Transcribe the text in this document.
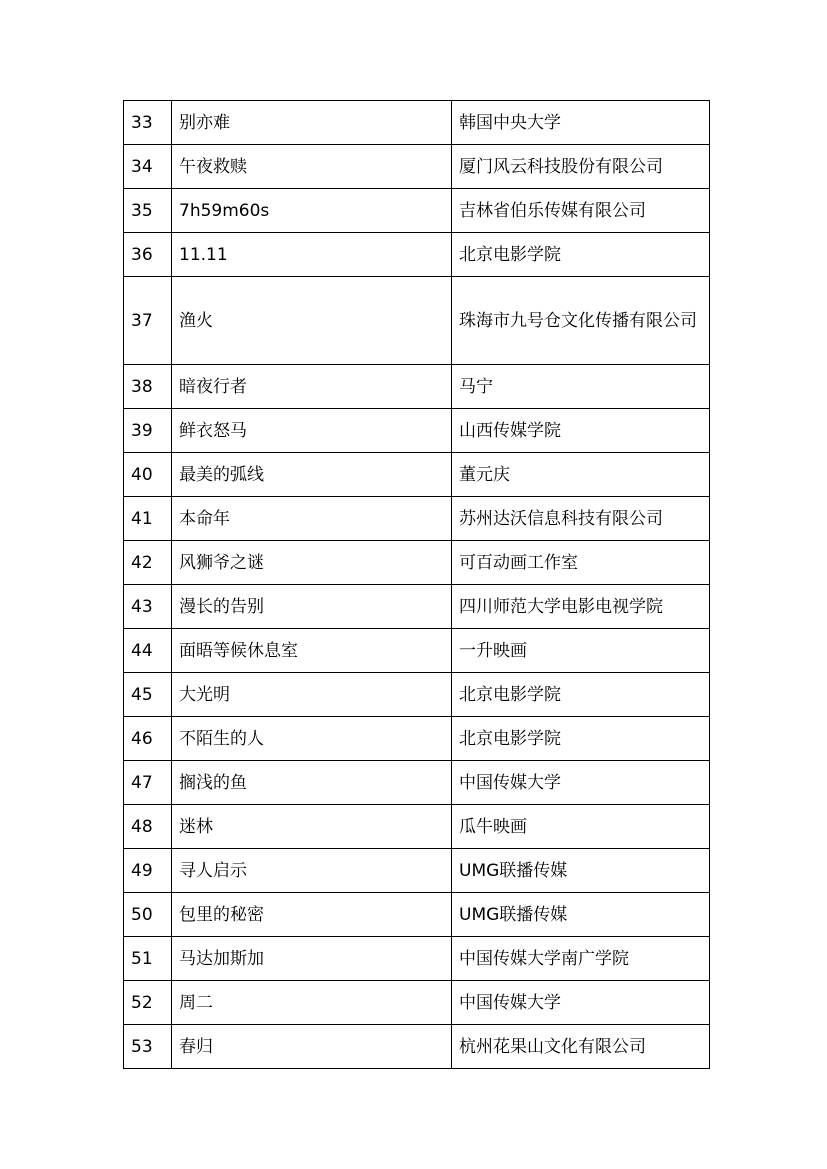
33	别亦难	韩国中央大学
34	午夜救赎	厦门风云科技股份有限公司
35	7h59m60s	吉林省伯乐传媒有限公司
36	11.11	北京电影学院
37	渔火	珠海市九号仓文化传播有限公司
38	暗夜行者	马宁
39	鲜衣怒马	山西传媒学院
40	最美的弧线	董元庆
41	本命年	苏州达沃信息科技有限公司
42	风狮爷之谜	可百动画工作室
43	漫长的告别	四川师范大学电影电视学院
44	面晤等候休息室	一升映画
45	大光明	北京电影学院
46	不陌生的人	北京电影学院
47	搁浅的鱼	中国传媒大学
48	迷林	瓜牛映画
49	寻人启示	UMG联播传媒
50	包里的秘密	UMG联播传媒
51	马达加斯加	中国传媒大学南广学院
52	周二	中国传媒大学
53	春归	杭州花果山文化有限公司
